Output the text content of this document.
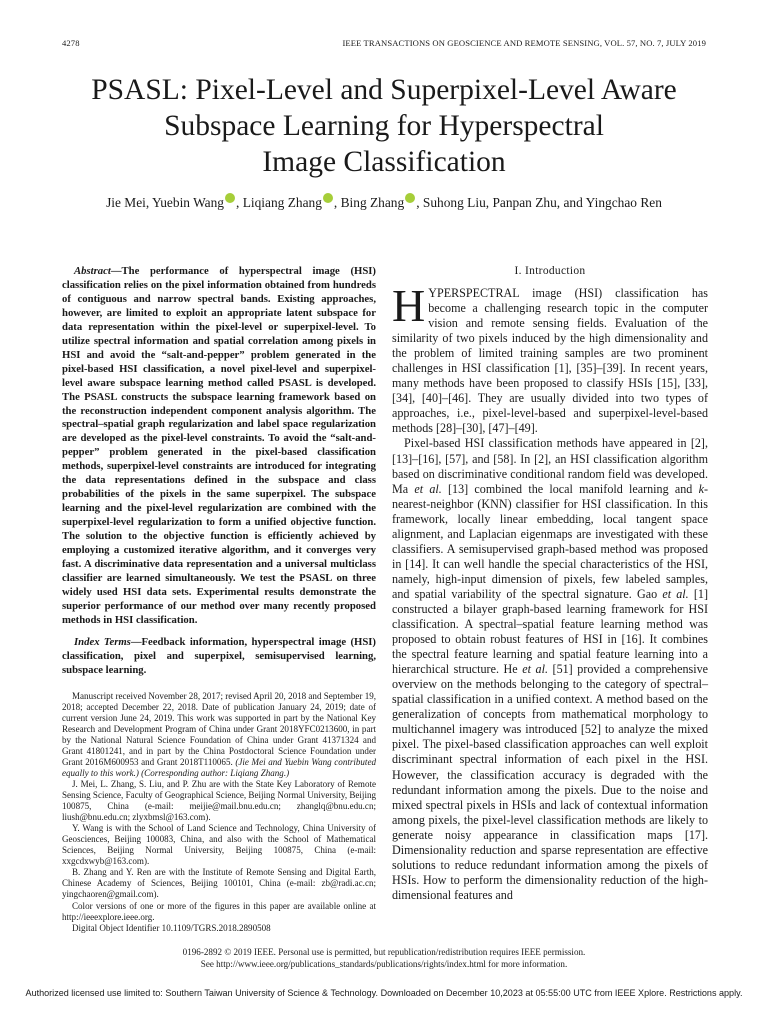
4278	IEEE TRANSACTIONS ON GEOSCIENCE AND REMOTE SENSING, VOL. 57, NO. 7, JULY 2019
PSASL: Pixel-Level and Superpixel-Level Aware
Subspace Learning for Hyperspectral
Image Classification
Jie Mei, Yuebin Wang , Liqiang Zhang , Bing Zhang , Suhong Liu, Panpan Zhu, and Yingchao Ren

Abstract—The performance of hyperspectral image (HSI) classification relies on the pixel information obtained from hundreds of contiguous and narrow spectral bands. Existing approaches, however, are limited to exploit an appropriate latent subspace for data representation within the pixel-level or superpixel-level. To utilize spectral information and spatial correlation among pixels in HSI and avoid the “salt-and-pepper” problem generated in the pixel-based HSI classification, a novel pixel-level and superpixel-level aware subspace learning method called PSASL is developed. The PSASL constructs the subspace learning framework based on the reconstruction independent component analysis algorithm. The spectral–spatial graph regularization and label space regularization are developed as the pixel-level constraints. To avoid the “salt-and-pepper” problem generated in the pixel-based classification methods, superpixel-level constraints are introduced for integrating the data representations defined in the subspace and class probabilities of the pixels in the same superpixel. The subspace learning and the pixel-level regularization are combined with the superpixel-level regularization to form a unified objective function. The solution to the objective function is efficiently achieved by employing a customized iterative algorithm, and it converges very fast. A discriminative data representation and a universal multiclass classifier are learned simultaneously. We test the PSASL on three widely used HSI data sets. Experimental results demonstrate the superior performance of our method over many recently proposed methods in HSI classification.

Index Terms—Feedback information, hyperspectral image (HSI) classification, pixel and superpixel, semisupervised learning, subspace learning.

Manuscript received November 28, 2017; revised April 20, 2018 and September 19, 2018; accepted December 22, 2018. Date of publication January 24, 2019; date of current version June 24, 2019. This work was supported in part by the National Key Research and Development Program of China under Grant 2018YFC0213600, in part by the National Natural Science Foundation of China under Grant 41371324 and Grant 41801241, and in part by the China Postdoctoral Science Foundation under Grant 2016M600953 and Grant 2018T110065. (Jie Mei and Yuebin Wang contributed equally to this work.) (Corresponding author: Liqiang Zhang.)

J. Mei, L. Zhang, S. Liu, and P. Zhu are with the State Key Laboratory of Remote Sensing Science, Faculty of Geographical Science, Beijing Normal University, Beijing 100875, China (e-mail: meijie@mail.bnu.edu.cn; zhanglq@bnu.edu.cn; liush@bnu.edu.cn; zlyxbmsl@163.com).

Y. Wang is with the School of Land Science and Technology, China University of Geosciences, Beijing 100083, China, and also with the School of Mathematical Sciences, Beijing Normal University, Beijing 100875, China (e-mail: xxgcdxwyb@163.com).

B. Zhang and Y. Ren are with the Institute of Remote Sensing and Digital Earth, Chinese Academy of Sciences, Beijing 100101, China (e-mail: zb@radi.ac.cn; yingchaoren@gmail.com).

Color versions of one or more of the figures in this paper are available online at http://ieeexplore.ieee.org.

Digital Object Identifier 10.1109/TGRS.2018.2890508

I. Introduction

HYPERSPECTRAL image (HSI) classification has become a challenging research topic in the computer vision and remote sensing fields. Evaluation of the similarity of two pixels induced by the high dimensionality and the problem of limited training samples are two prominent challenges in HSI classification [1], [35]–[39]. In recent years, many methods have been proposed to classify HSIs [15], [33], [34], [40]–[46]. They are usually divided into two types of approaches, i.e., pixel-level-based and superpixel-level-based methods [28]–[30], [47]–[49].

Pixel-based HSI classification methods have appeared in [2], [13]–[16], [57], and [58]. In [2], an HSI classification algorithm based on discriminative conditional random field was developed. Ma et al. [13] combined the local manifold learning and k-nearest-neighbor (KNN) classifier for HSI classification. In this framework, locally linear embedding, local tangent space alignment, and Laplacian eigenmaps are investigated with these classifiers. A semisupervised graph-based method was proposed in [14]. It can well handle the special characteristics of the HSI, namely, high-input dimension of pixels, few labeled samples, and spatial variability of the spectral signature. Gao et al. [1] constructed a bilayer graph-based learning framework for HSI classification. A spectral–spatial feature learning method was proposed to obtain robust features of HSI in [16]. It combines the spectral feature learning and spatial feature learning into a hierarchical structure. He et al. [51] provided a comprehensive overview on the methods belonging to the category of spectral–spatial classification in a unified context. A method based on the generalization of concepts from mathematical morphology to multichannel imagery was introduced [52] to analyze the mixed pixel. The pixel-based classification approaches can well exploit discriminant spectral information of each pixel in the HSI. However, the classification accuracy is degraded with the redundant information among the pixels. Due to the noise and mixed spectral pixels in HSIs and lack of contextual information among pixels, the pixel-level classification methods are likely to generate noisy appearance in classification maps [17]. Dimensionality reduction and sparse representation are effective solutions to reduce redundant information among the pixels of HSIs. How to perform the dimensionality reduction of the high-dimensional features and

0196-2892 © 2019 IEEE. Personal use is permitted, but republication/redistribution requires IEEE permission.
See http://www.ieee.org/publications_standards/publications/rights/index.html for more information.
Authorized licensed use limited to: Southern Taiwan University of Science & Technology. Downloaded on December 10,2023 at 05:55:00 UTC from IEEE Xplore. Restrictions apply.
